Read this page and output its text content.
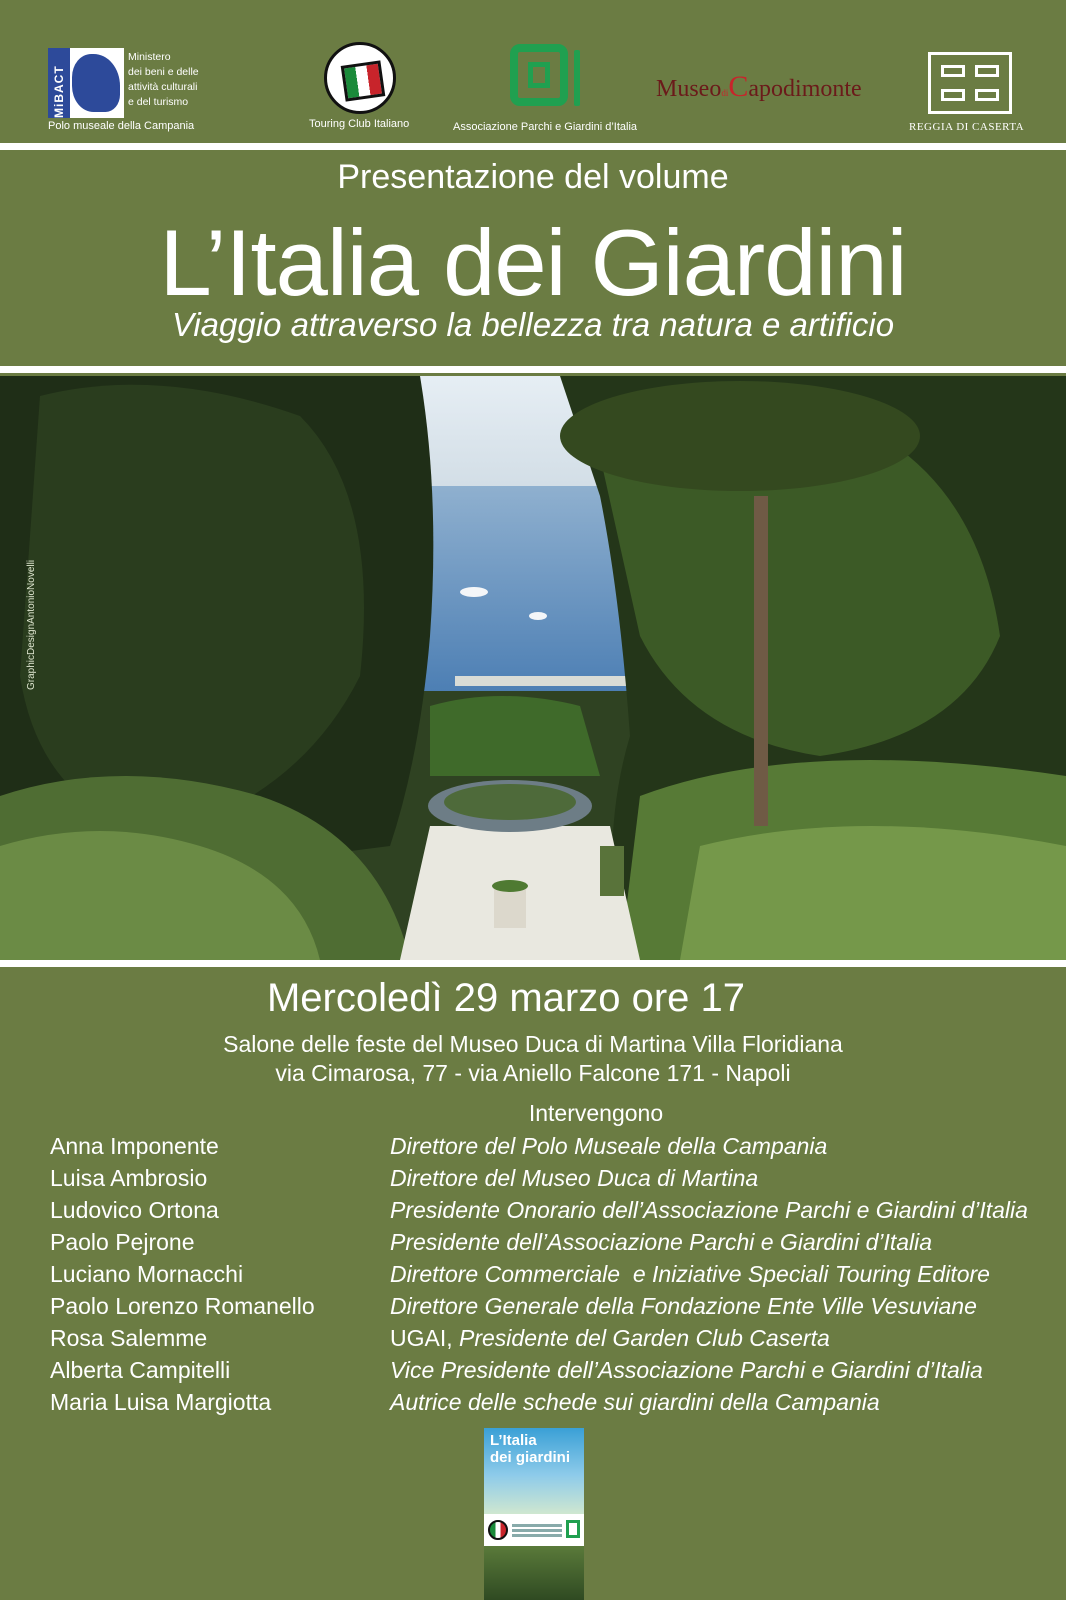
MiBACT
Ministero
dei beni e delle
attività culturali
e del turismo
Polo museale della Campania	Touring Club Italiano	Associazione Parchi e Giardini d’Italia
MuseodiCapodimonte
REGGIA DI CASERTA
Presentazione del volume
L’Italia dei Giardini
Viaggio attraverso la bellezza tra natura e artificio
GraphicDesignAntonioNovelli
Mercoledì 29 marzo ore 17
Salone delle feste del Museo Duca di Martina Villa Floridiana
via Cimarosa, 77 - via Aniello Falcone 171 - Napoli
Intervengono
Anna Imponente	Direttore del Polo Museale della Campania
Luisa Ambrosio	Direttore del Museo Duca di Martina
Ludovico Ortona	Presidente Onorario dell’Associazione Parchi e Giardini d’Italia
Paolo Pejrone	Presidente dell’Associazione Parchi e Giardini d’Italia
Luciano Mornacchi	Direttore Commerciale  e Iniziative Speciali Touring Editore
Paolo Lorenzo Romanello	Direttore Generale della Fondazione Ente Ville Vesuviane
Rosa Salemme	UGAI, Presidente del Garden Club Caserta
Alberta Campitelli	Vice Presidente dell’Associazione Parchi e Giardini d’Italia
Maria Luisa Margiotta	Autrice delle schede sui giardini della Campania
L’Italia
dei giardini
